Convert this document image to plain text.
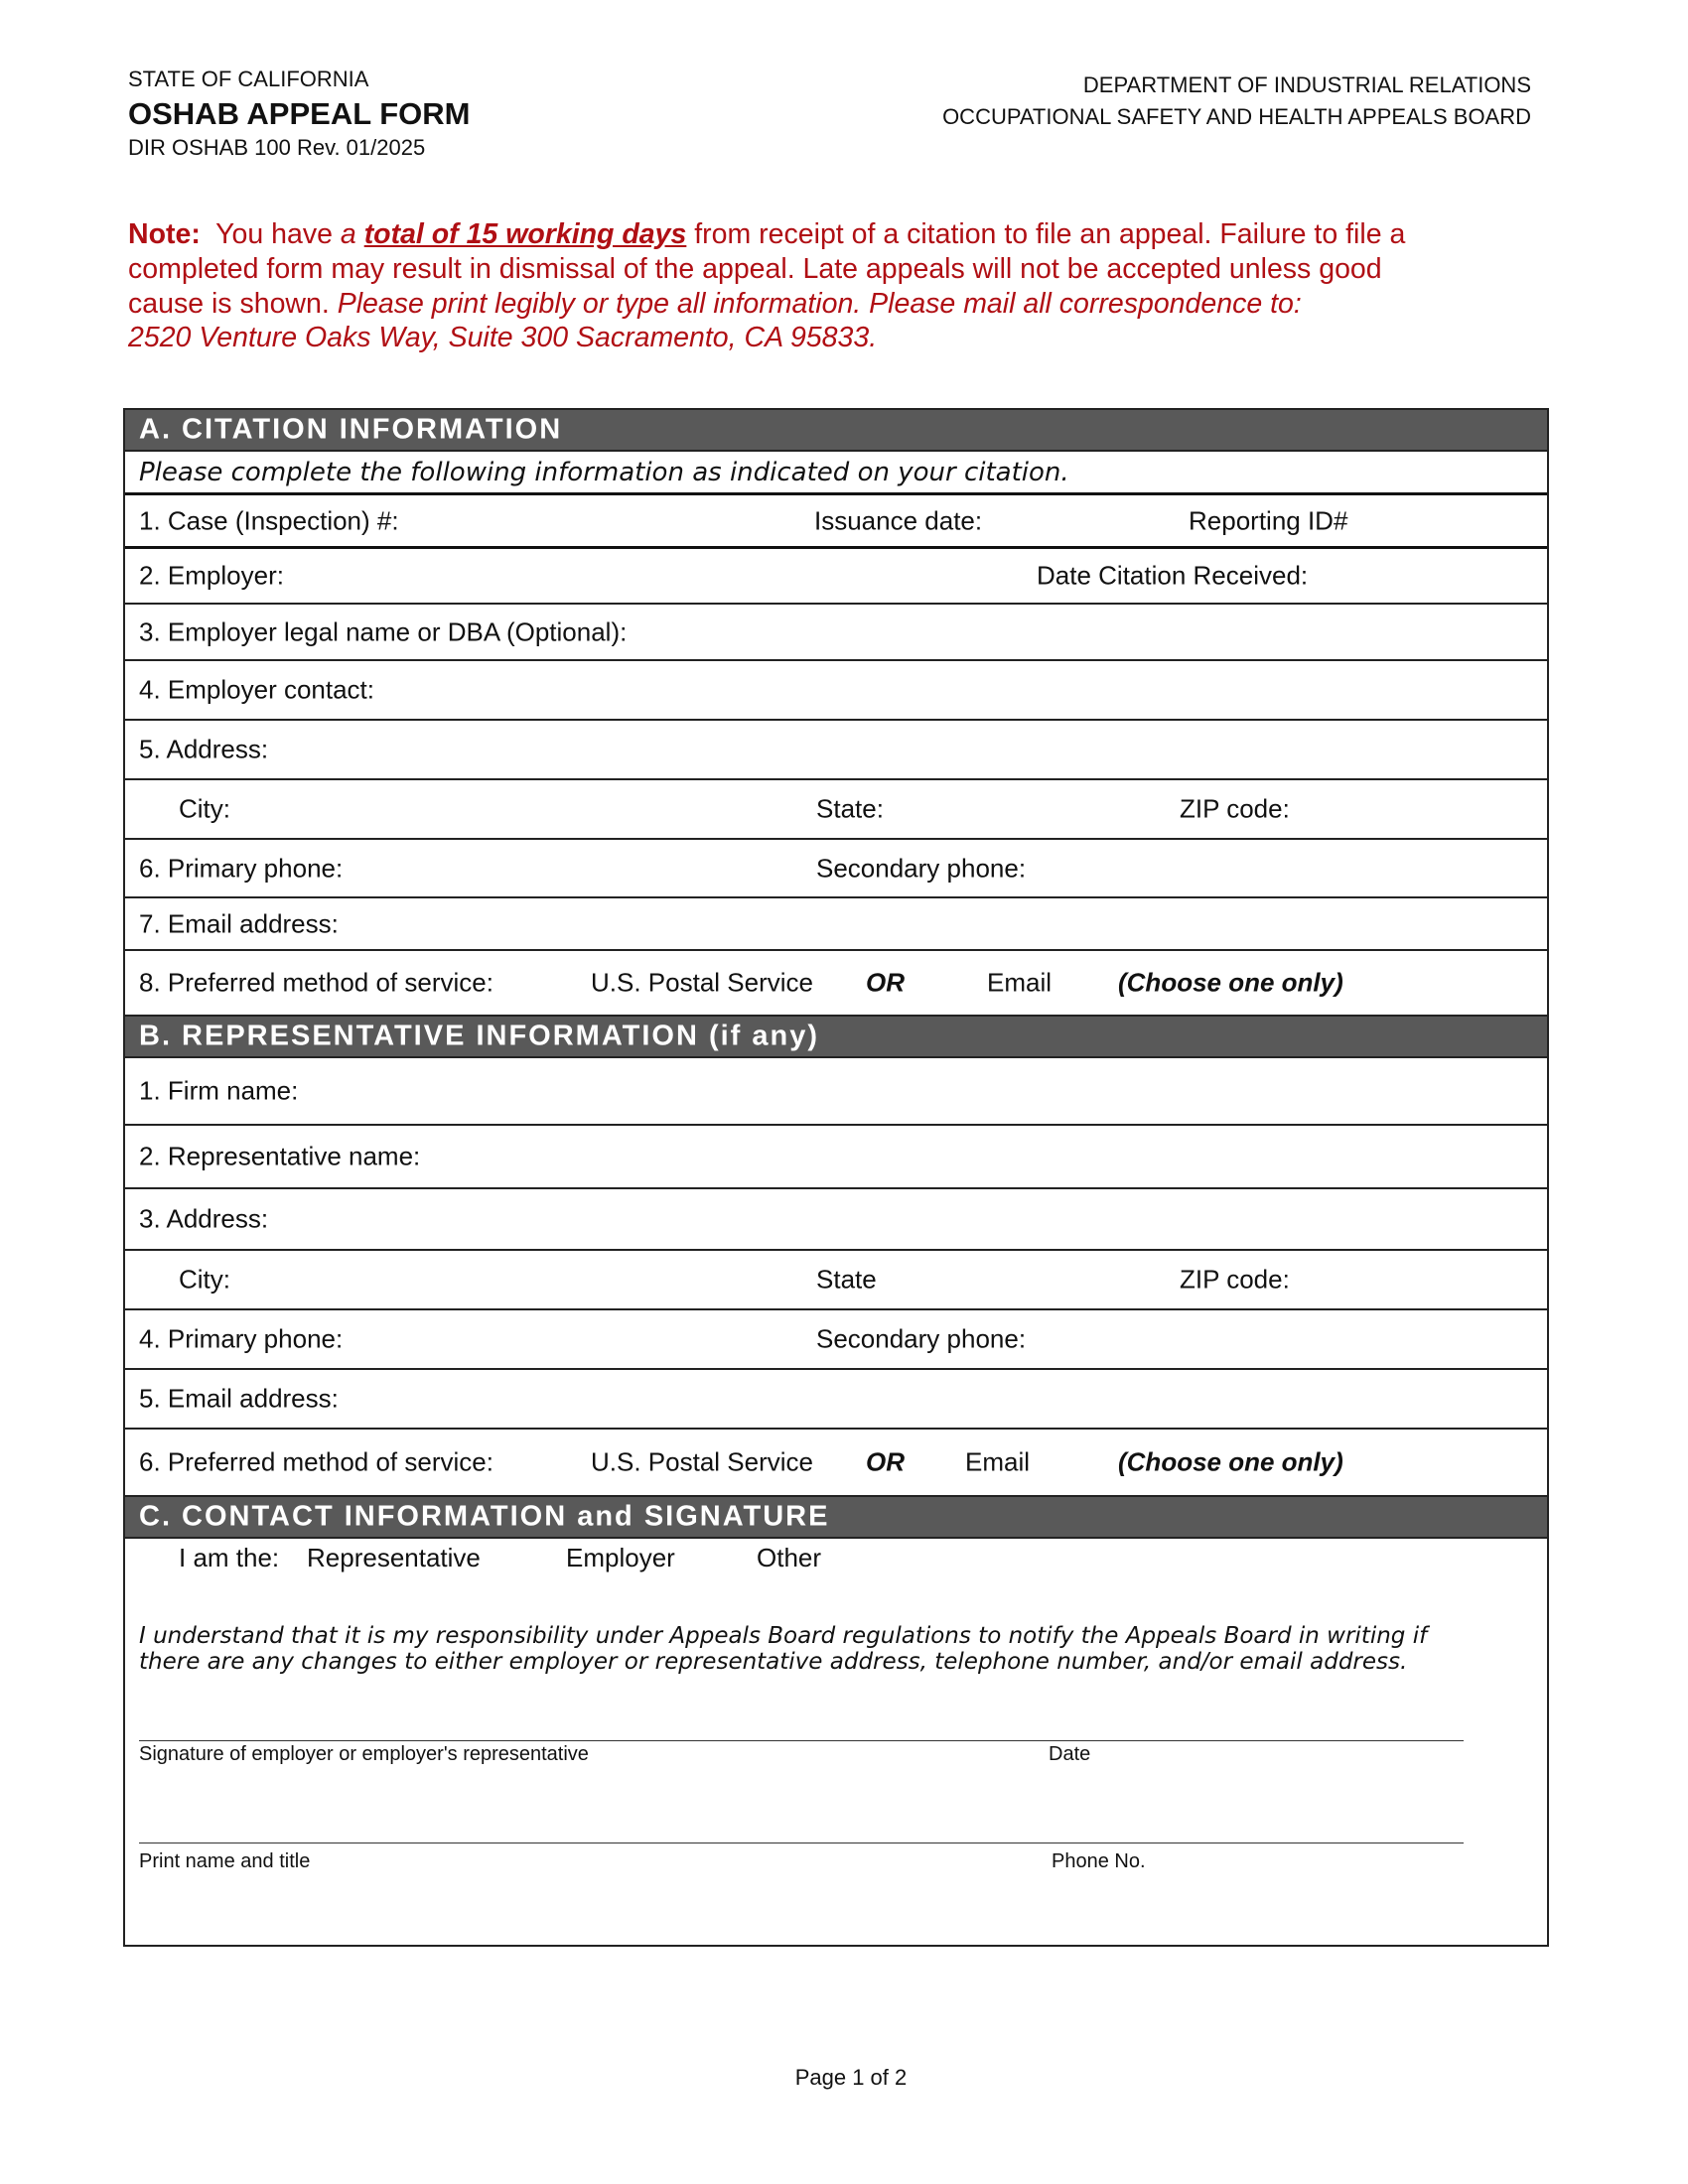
STATE OF CALIFORNIA
OSHAB APPEAL FORM
DIR OSHAB 100 Rev. 01/2025
DEPARTMENT OF INDUSTRIAL RELATIONS
OCCUPATIONAL SAFETY AND HEALTH APPEALS BOARD
Note: You have a total of 15 working days from receipt of a citation to file an appeal. Failure to file a
completed form may result in dismissal of the appeal. Late appeals will not be accepted unless good
cause is shown. Please print legibly or type all information. Please mail all correspondence to:
2520 Venture Oaks Way, Suite 300 Sacramento, CA 95833.
A. CITATION INFORMATION
Please complete the following information as indicated on your citation.
1. Case (Inspection) #:	Issuance date:	Reporting ID#
2. Employer:	Date Citation Received:
3. Employer legal name or DBA (Optional):
4. Employer contact:
5. Address:
City:	State:	ZIP code:
6. Primary phone:	Secondary phone:
7. Email address:
8. Preferred method of service:	U.S. Postal Service OR	Email	(Choose one only)
B. REPRESENTATIVE INFORMATION (if any)
1. Firm name:
2. Representative name:
3. Address:
City:	State	ZIP code:
4. Primary phone:	Secondary phone:
5. Email address:
6. Preferred method of service:	U.S. Postal Service OR Email	(Choose one only)
C. CONTACT INFORMATION and SIGNATURE
I am the: Representative	Employer	Other
I understand that it is my responsibility under Appeals Board regulations to notify the Appeals Board in writing if
there are any changes to either employer or representative address, telephone number, and/or email address.
Signature of employer or employer's representative	Date
Print name and title	Phone No.
Page 1 of 2
